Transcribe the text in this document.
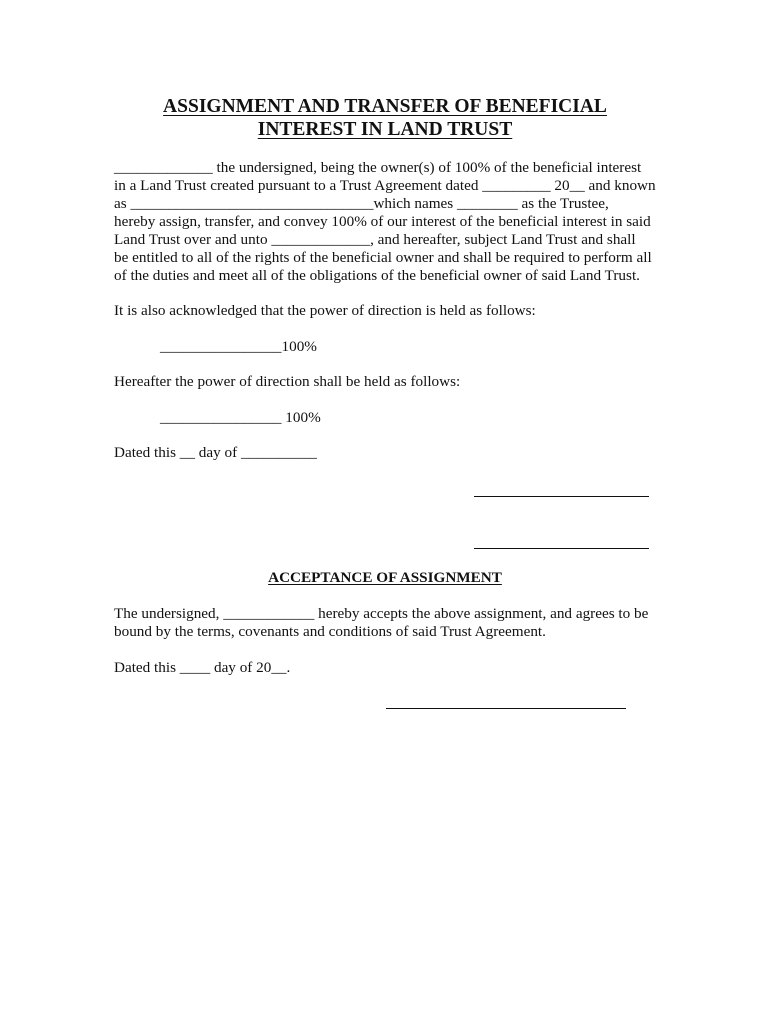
ASSIGNMENT AND TRANSFER OF BENEFICIAL
INTEREST IN LAND TRUST
_____________ the undersigned, being the owner(s) of 100% of the beneficial interest
in a Land Trust created pursuant to a Trust Agreement dated _________ 20__ and known
as ________________________________which names ________ as the Trustee,
hereby assign, transfer, and convey 100% of our interest of the beneficial interest in said
Land Trust over and unto _____________, and hereafter, subject Land Trust and shall
be entitled to all of the rights of the beneficial owner and shall be required to perform all
of the duties and meet all of the obligations of the beneficial owner of said Land Trust.
It is also acknowledged that the power of direction is held as follows:
________________100%
Hereafter the power of direction shall be held as follows:
________________ 100%
Dated this __ day of __________
ACCEPTANCE OF ASSIGNMENT
The undersigned, ____________ hereby accepts the above assignment, and agrees to be
bound by the terms, covenants and conditions of said Trust Agreement.
Dated this ____ day of 20__.
